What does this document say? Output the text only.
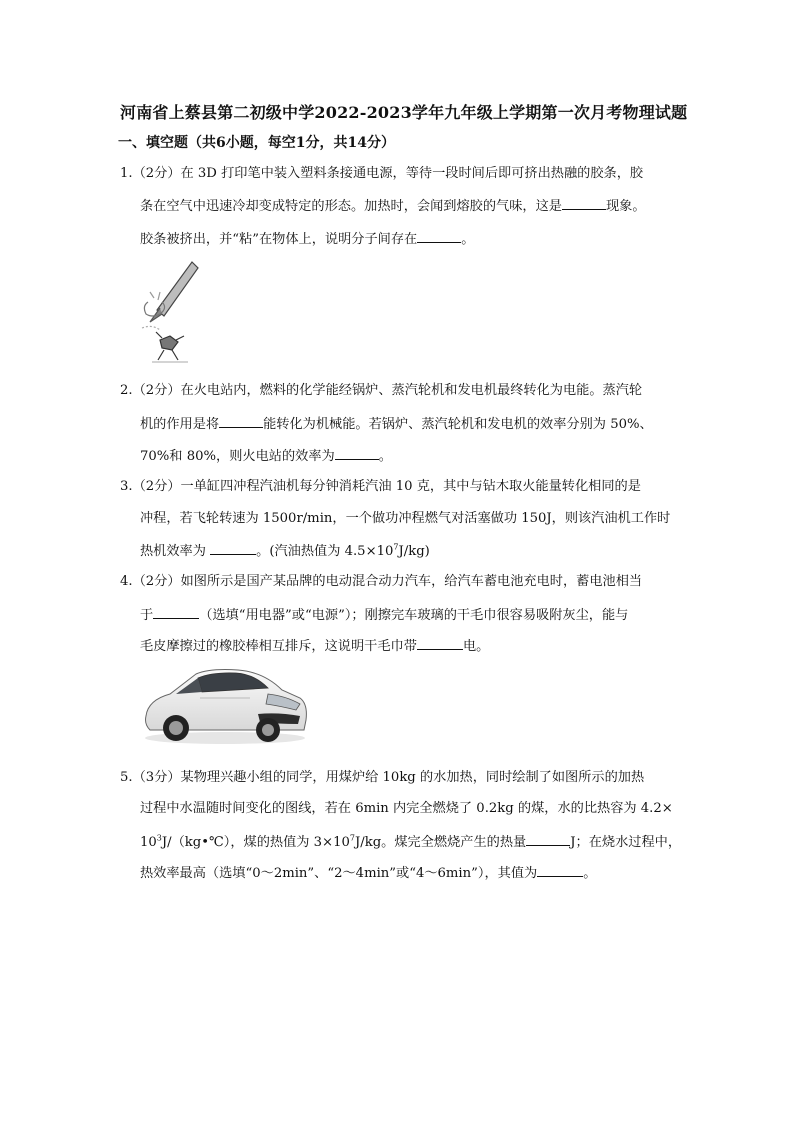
河南省上蔡县第二初级中学2022-2023学年九年级上学期第一次月考物理试题
一、填空题（共6小题，每空1分，共14分）
1.（2分）在 3D 打印笔中装入塑料条接通电源，等待一段时间后即可挤出热融的胶条，胶
条在空气中迅速冷却变成特定的形态。加热时，会闻到熔胶的气味，这是	现象。
胶条被挤出，并“粘”在物体上，说明分子间存在	。
2.（2分）在火电站内，燃料的化学能经锅炉、蒸汽轮机和发电机最终转化为电能。蒸汽轮
机的作用是将	能转化为机械能。若锅炉、蒸汽轮机和发电机的效率分别为 50%、
70%和 80%，则火电站的效率为	。
3.（2分）一单缸四冲程汽油机每分钟消耗汽油 10 克，其中与钻木取火能量转化相同的是
冲程，若飞轮转速为 1500r/min，一个做功冲程燃气对活塞做功 150J，则该汽油机工作时
热机效率为	。(汽油热值为 $4.5\times 10^7J/kg$)
4.（2分）如图所示是国产某品牌的电动混合动力汽车，给汽车蓄电池充电时，蓄电池相当
于	（选填“用电器”或“电源”）；刚擦完车玻璃的干毛巾很容易吸附灰尘，能与
毛皮摩擦过的橡胶棒相互排斥，这说明干毛巾带	电。
5.（3分）某物理兴趣小组的同学，用煤炉给 10kg 的水加热，同时绘制了如图所示的加热
过程中水温随时间变化的图线，若在 6min 内完全燃烧了 0.2kg 的煤，水的比热容为 4.2×
$10^3J/(kg•℃)$，煤的热值为 $3\times 10^7J/kg$。煤完全燃烧产生的热量	J；在烧水过程中，
热效率最高（选填“0～2min”、“2～4min”或“4～6min”），其值为	。
